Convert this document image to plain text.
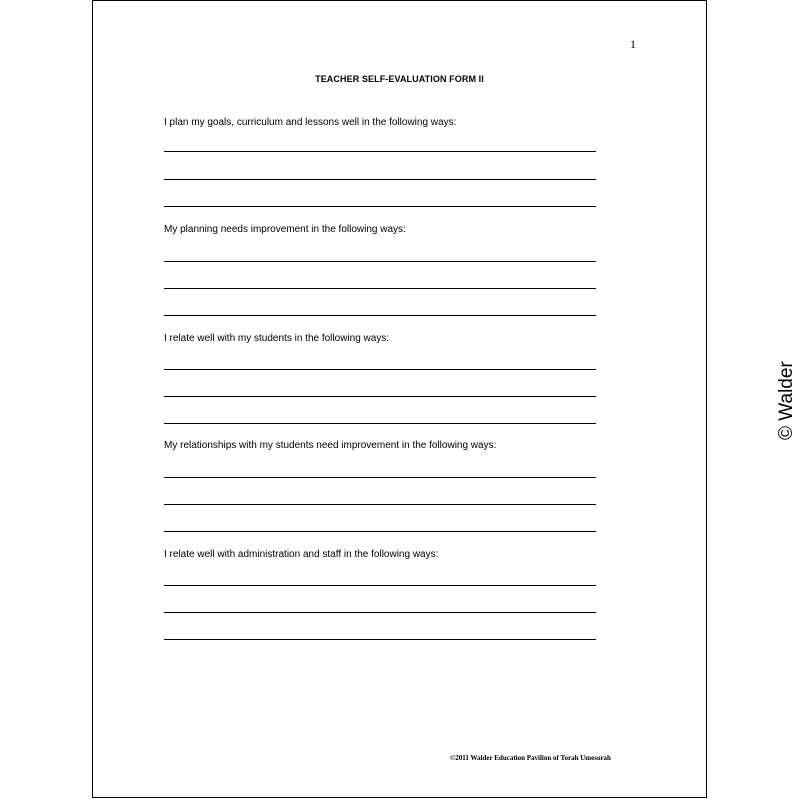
1
TEACHER SELF-EVALUATION FORM II
I plan my goals, curriculum and lessons well in the following ways:
My planning needs improvement in the following ways:
I relate well with my students in the following ways:
My relationships with my students need improvement in the following ways:
I relate well with administration and staff in the following ways:
©2011 Walder Education Pavilion of Torah Umesorah
© Walder
